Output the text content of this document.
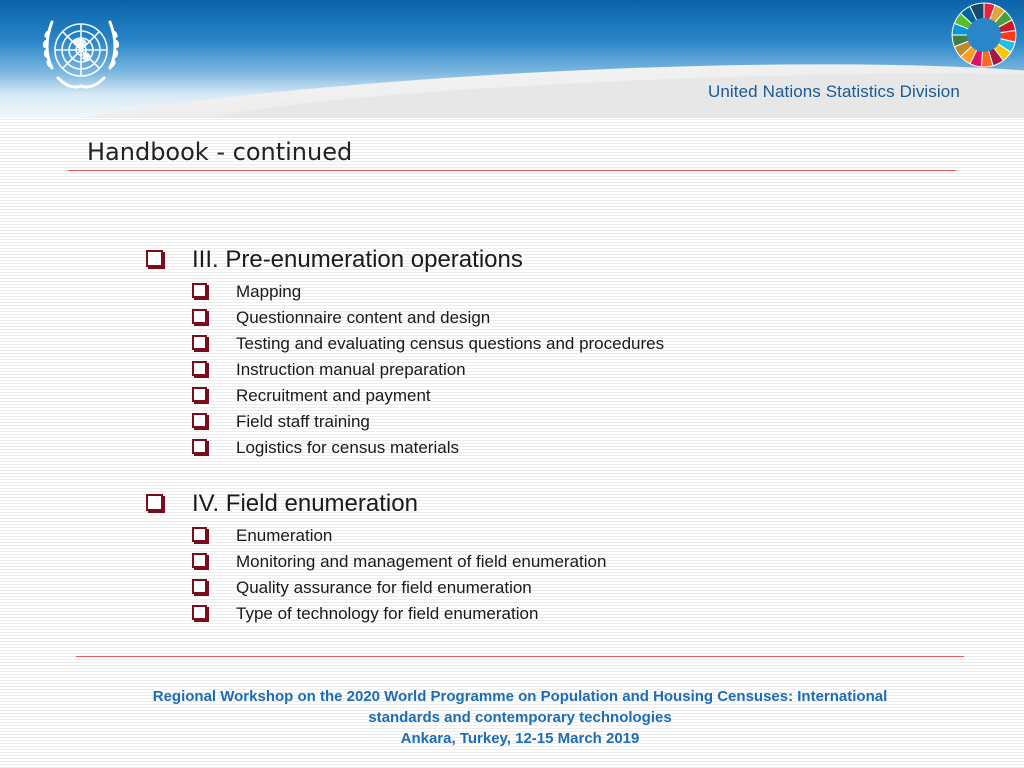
United Nations Statistics Division
Handbook - continued
III. Pre-enumeration operations
Mapping
Questionnaire content and design
Testing and evaluating census questions and procedures
Instruction manual preparation
Recruitment and payment
Field staff training
Logistics for census materials
IV. Field enumeration
Enumeration
Monitoring and management of field enumeration
Quality assurance for field enumeration
Type of technology for field enumeration
Regional Workshop on the 2020 World Programme on Population and Housing Censuses: International
standards and contemporary technologies
Ankara, Turkey, 12-15 March 2019
